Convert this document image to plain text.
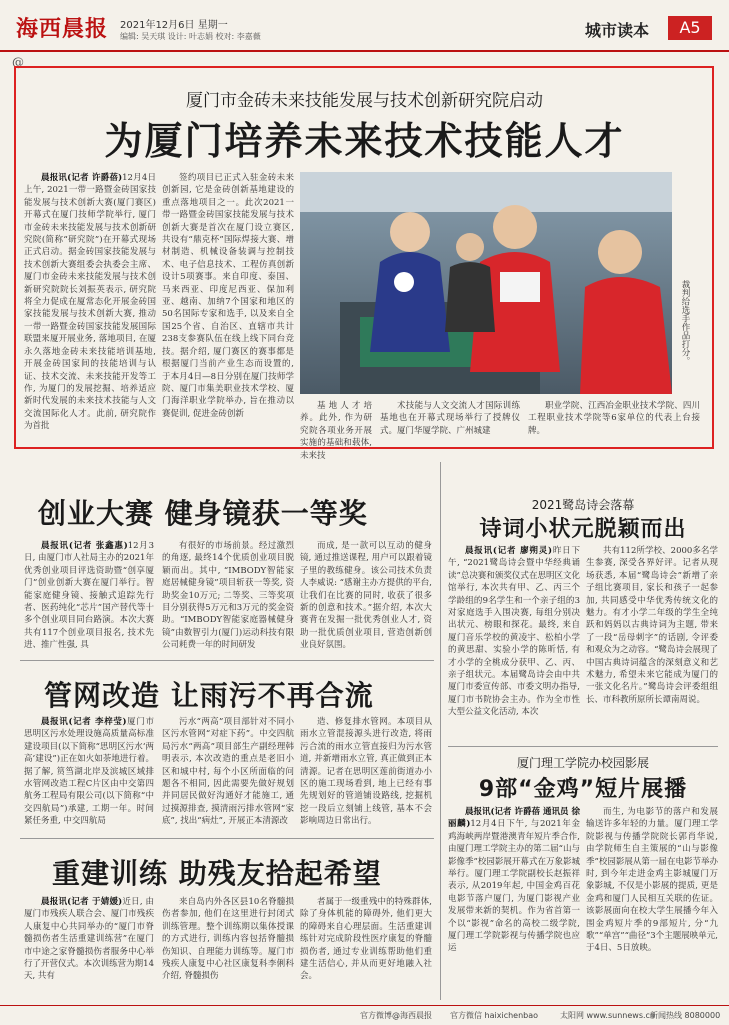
海西晨报 2021年12月6日 星期一
编辑: 吴天琪 设计: 叶志娟 校对: 李嘉薇	城市读本	A5
@
厦门市金砖未来技能发展与技术创新研究院启动
为厦门培养未来技术技能人才

晨报讯(记者 许爵蓓)12月4日上午, 2021一带一路暨金砖国家技能发展与技术创新大赛(厦门赛区)开幕式在厦门技师学院举行, 厦门市金砖未来技能发展与技术创新研究院(简称“研究院”)在开幕式现场正式启动。据金砖国家技能发展与技术创新大赛组委会执委会主席、厦门市金砖未来技能发展与技术创新研究院院长刘振英表示, 研究院将全力促成在厦常态化开展金砖国家技能发展与技术创新大赛, 推动一带一路暨金砖国家技能发展国际联盟来厦开展业务, 落地项目, 在厦永久落地金砖未来技能培训基地, 开展金砖国家间的技能培训与认证、技术交流、未来技能开发等工作, 为厦门的发展挖掘、培养适应新时代发展的未来技术技能与人文交流国际化人才。此前, 研究院作为首批

签约项目已正式入驻金砖未来创新园, 它是金砖创新基地建设的重点落地项目之一。此次2021一带一路暨金砖国家技能发展与技术创新大赛是首次在厦门设立赛区, 共设有“鼎克杯”国际焊接大赛、增材制造、机械设备装调与控制技术、电子信息技术、工程仿真创新设计5项赛事。来自印度、泰国、马来西亚、印度尼西亚、保加利亚、越南、加纳7个国家和地区的50名国际专家和选手, 以及来自全国25个省、自治区、直辖市共计238支参赛队伍在线上线下同台竞技。据介绍, 厦门赛区的赛事都是根据厦门当前产业生态而设置的, 于本月4日—8日分别在厦门技师学院、厦门市集美职业技术学校、厦门海洋职业学院举办, 旨在推动以赛促训, 促进金砖创新

裁判给选手作品打分。

基地人才培养。此外, 作为研究院各项业务开展实施的基础和载体, 未来技

术技能与人文交流人才国际训练基地也在开幕式现场举行了授牌仪式。厦门华厦学院、广州城建

职业学院、江西冶金职业技术学院、四川工程职业技术学院等6家单位的代表上台接牌。

创业大赛 健身镜获一等奖

晨报讯(记者 张鑫惠)12月3日, 由厦门市人社局主办的2021年优秀创业项目评选资助暨“创享厦门”创业创新大赛在厦门举行。智能家庭健身镜、接触式追踪先行者、医药纯化“芯片”国产替代等十多个创业项目同台路演。本次大赛共有117个创业项目报名, 技术先进、推广性强, 具

有很好的市场前景。经过激烈的角逐, 最终14个优质创业项目脱颖而出。其中, “IMBODY智能家庭居械健身镜”项目斩获一等奖, 资助奖金10万元; 二等奖、三等奖项目分别获得5万元和3万元的奖金资助。“IMBODY智能家庭器械健身镜”由数智引力(厦门)运动科技有限公司耗费一年的时间研发

而成, 是一款可以互动的健身镜, 通过推送课程, 用户可以跟着镜子里的教练健身。该公司技术负责人李威说: “感谢主办方提供的平台, 让我们在比赛的同时, 收获了很多新的创意和技术。”据介绍, 本次大赛背在发掘一批优秀创业人才, 资助一批优质创业项目, 营造创新创业良好氛围。

2021鹭岛诗会落幕
诗词小状元脱颖而出

晨报讯(记者 廖朔灵)昨日下午, “2021鹭岛诗会暨中华经典诵读”总决赛和颁奖仪式在思明区文化馆举行, 本次共有甲、乙、丙三个学龄组的9名学生和一个亲子组的3对家庭选手入围决赛, 每组分别决出状元、榜眼和探花。最终, 来自厦门音乐学校的黄凌宇、松柏小学的黄思甜、实验小学的陈昕恬, 有才小学的全桃成分获甲、乙、丙、亲子组状元。本届鹭岛诗会由中共厦门市委宣传部、市委文明办指导, 厦门市书院协会主办。作为全市性大型公益文化活动, 本次

共有112所学校、2000多名学生参赛, 深受各界好评。记者从现场获悉, 本届“鹭岛诗会”新增了亲子组比赛项目, 家长和孩子一起参加, 共同感受中华优秀传统文化的魅力。有才小学二年级的学生全纯跃和妈妈以古典诗词为主题, 带来了一段“岳母刺字”的话剧, 令评委和观众为之动容。“鹭岛诗会展现了中国古典诗词蕴含的深刻意义和艺术魅力, 希望未来它能成为厦门的一张文化名片。”鹭岛诗会评委组组长、市科教所原所长谭南周说。

管网改造 让雨污不再合流

晨报讯(记者 李梓莹)厦门市思明区污水处理设施高质量高标准建设项目(以下简称“思明区污水‘两高’建设”)正在如火如荼地进行着。据了解, 筼筜湖北岸及滨城区域排水管网改造工程C片区由中交第四航务工程局有限公司(以下简称“中交四航局”)承建, 工期一年。时间紧任务重, 中交四航局

污水“两高”项目部针对不同小区污水管网“对症下药”。中交四航局污水“两高”项目部生产副经理韩明表示, 本次改造的重点是老旧小区和城中村, 每个小区所面临的问题各不相同, 因此需要先做好规划并同居民做好沟通好才能施工, 通过摸源排查, 摸清雨污排水管网“家底”, 找出“病灶”, 开展正本清源改

造、修复排水管网。本项目从雨水立管混接源头进行改造, 将雨污合流的雨水立管直接归为污水管道, 并新增雨水立管, 真正做到正本清源。记者在思明区莲前街道办小区的施工现场看到, 地上已经有事先规划好的管道铺设路线, 挖掘机挖一段后立刻铺上线管, 基本不会影响周边日常出行。

厦门理工学院办校园影展
9部“金鸡”短片展播

晨报讯(记者 许爵蓓 通讯员 徐丽麟)12月4日下午, 与2021年金鸡海峡两岸暨港澳青年短片季合作, 由厦门理工学院主办的第二届“山与影像季”校园影展开幕式在万象影城举行。厦门理工学院副校长赵振祥表示, 从2019年起, 中国金鸡百花电影节落户厦门, 为厦门影视产业发展带来新的契机。作为省首第一个以“影视”命名的高校二级学院, 厦门理工学院影视与传播学院也应运

而生, 为电影节的落户和发展输送许多年轻的力量。厦门理工学院影视与传播学院院长郭肖华说, 由学院师生自主策展的“山与影像季”校园影展从第一届在电影节举办时, 到今年走进金鸡主影城厦门万象影城, 不仅是小影展的提质, 更是金鸡和厦门人民相互关联的佐证。该影展面向在校大学生展播今年入围金鸡短片季的9部短片, 分“九歌”“单宫”“曲径”3个主题展映单元, 于4日、5日放映。

重建训练 助残友拾起希望

晨报讯(记者 于婧媛)近日, 由厦门市残疾人联合会、厦门市残疾人康复中心共同举办的“厦门市脊髓损伤者生活重建训练营”在厦门市中途之家脊髓损伤者服务中心举行了开营仪式。本次训练营为期14天, 共有

来自岛内外各区县10名脊髓损伤者参加, 他们在这里进行封闭式训练管理。整个训练期以集体授课的方式进行, 训练内容包括脊髓损伤知识、自理能力训练等。厦门市残疾人康复中心社区康复科李俐科介绍, 脊髓损伤

者属于一级重残中的特殊群体, 除了身体机能的障碍外, 他们更大的障碍来自心理层面。生活重建训练针对完成阶段性医疗康复的脊髓损伤者, 通过专业训练帮助他们重建生活信心, 并从而更好地融入社会。

官方微博@海西晨报 官方微信 haixichenbao	太阳网 www.sunnews.cn
新闻热线 8080000
